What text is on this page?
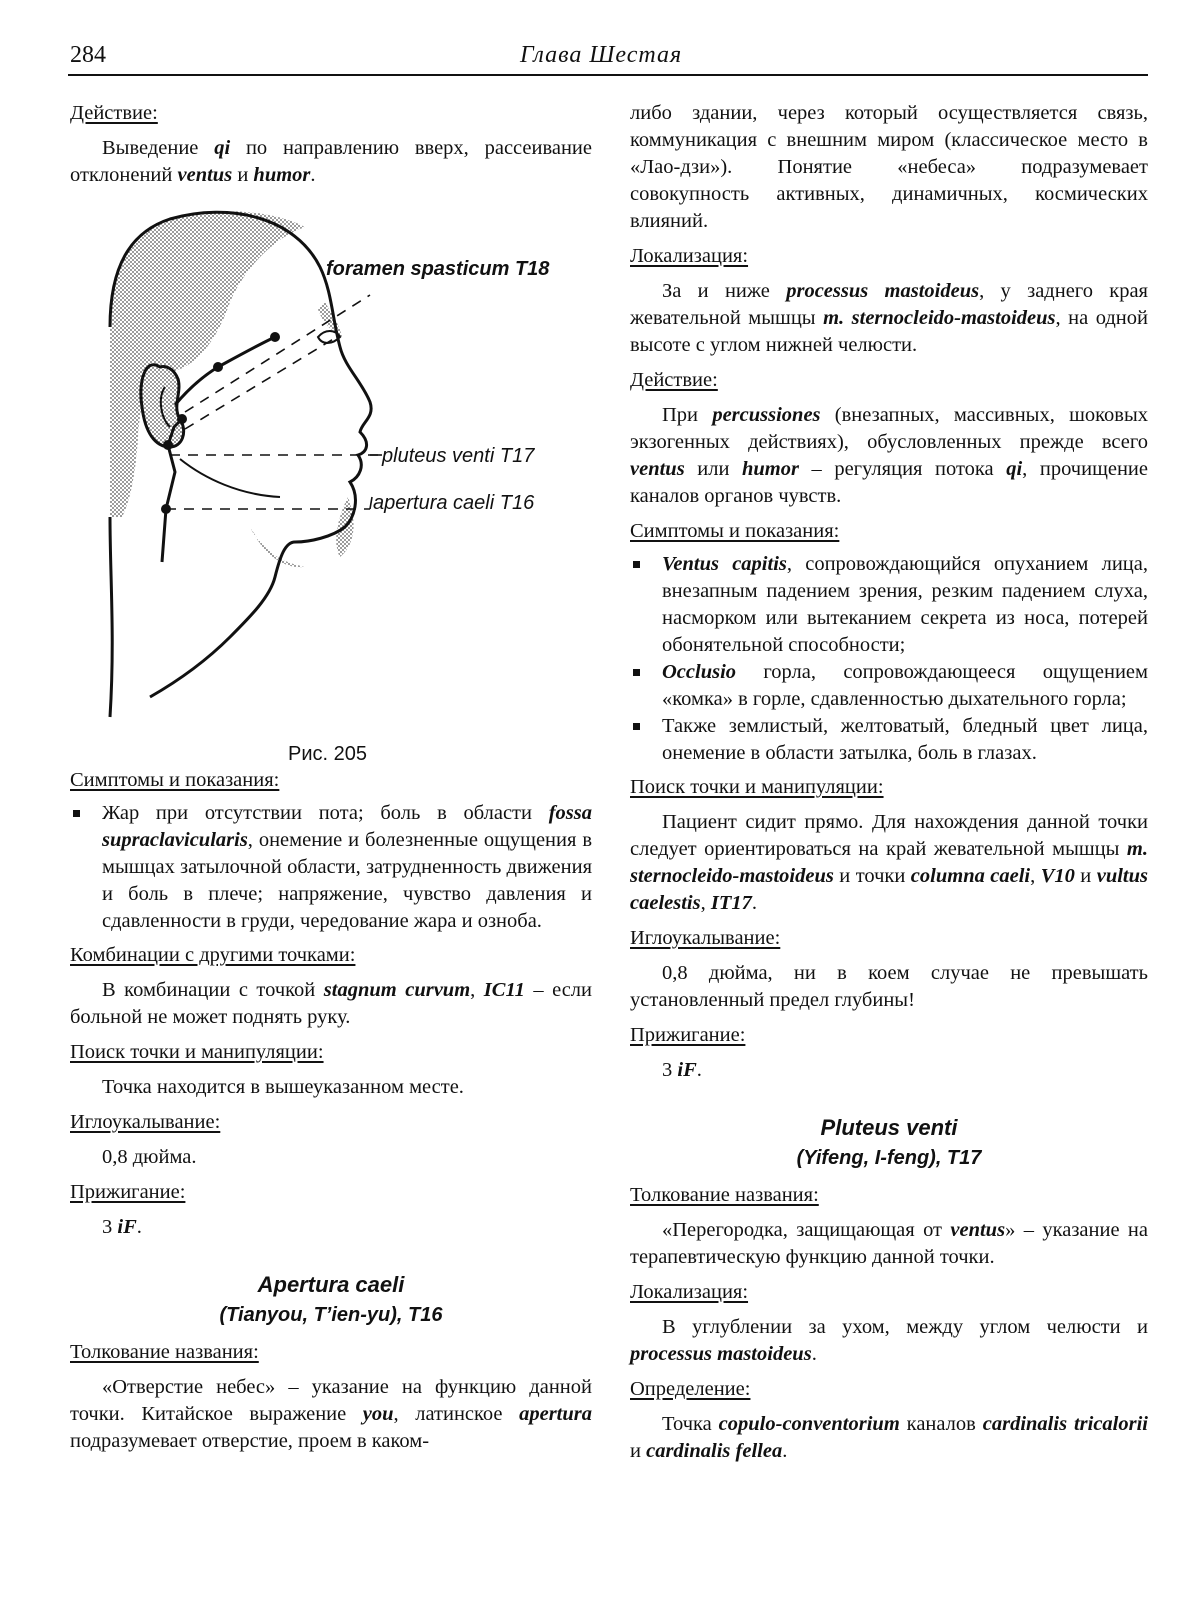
284	Глава Шестая
Действие:

Выведение qi по направлению вверх, рассеивание отклонений ventus и humor.

foramen spasticum T18
pluteus venti T17
apertura caeli T16
Рис. 205
Симптомы и показания:
Жар при отсутствии пота; боль в области fossa supraclavicularis, онемение и болезненные ощущения в мышцах затылочной области, затрудненность движения и боль в плече; напряжение, чувство давления и сдавленности в груди, чередование жара и озноба.
Комбинации с другими точками:

В комбинации с точкой stagnum curvum, IC11 – если больной не может поднять руку.

Поиск точки и манипуляции:

Точка находится в вышеуказанном месте.

Иглоукалывание:

0,8 дюйма.

Прижигание:

3 iF.

Apertura caeli
(Tianyou, T’ien-yu), T16
Толкование названия:

«Отверстие небес» – указание на функцию данной точки. Китайское выражение you, латинское apertura подразумевает отверстие, проем в каком-

либо здании, через который осуществляется связь, коммуникация с внешним миром (классическое место в «Лао-дзи»). Понятие «небеса» подразумевает совокупность активных, динамичных, космических влияний.

Локализация:

За и ниже processus mastoideus, у заднего края жевательной мышцы m. sternocleido-mastoideus, на одной высоте с углом нижней челюсти.

Действие:

При percussiones (внезапных, массивных, шоковых экзогенных действиях), обусловленных прежде всего ventus или humor – регуляция потока qi, прочищение каналов органов чувств.

Симптомы и показания:
Ventus capitis, сопровождающийся опуханием лица, внезапным падением зрения, резким падением слуха, насморком или вытеканием секрета из носа, потерей обонятельной способности;
Occlusio горла, сопровождающееся ощущением «комка» в горле, сдавленностью дыхательного горла;
Также землистый, желтоватый, бледный цвет лица, онемение в области затылка, боль в глазах.
Поиск точки и манипуляции:

Пациент сидит прямо. Для нахождения данной точки следует ориентироваться на край жевательной мышцы m. sternocleido-mastoideus и точки columna caeli, V10 и vultus caelestis, IT17.

Иглоукалывание:

0,8 дюйма, ни в коем случае не превышать установленный предел глубины!

Прижигание:

3 iF.

Pluteus venti
(Yifeng, I-feng), T17
Толкование названия:

«Перегородка, защищающая от ventus» – указание на терапевтическую функцию данной точки.

Локализация:

В углублении за ухом, между углом челюсти и processus mastoideus.

Определение:

Точка copulo-conventorium каналов cardinalis tricalorii и cardinalis fellea.
